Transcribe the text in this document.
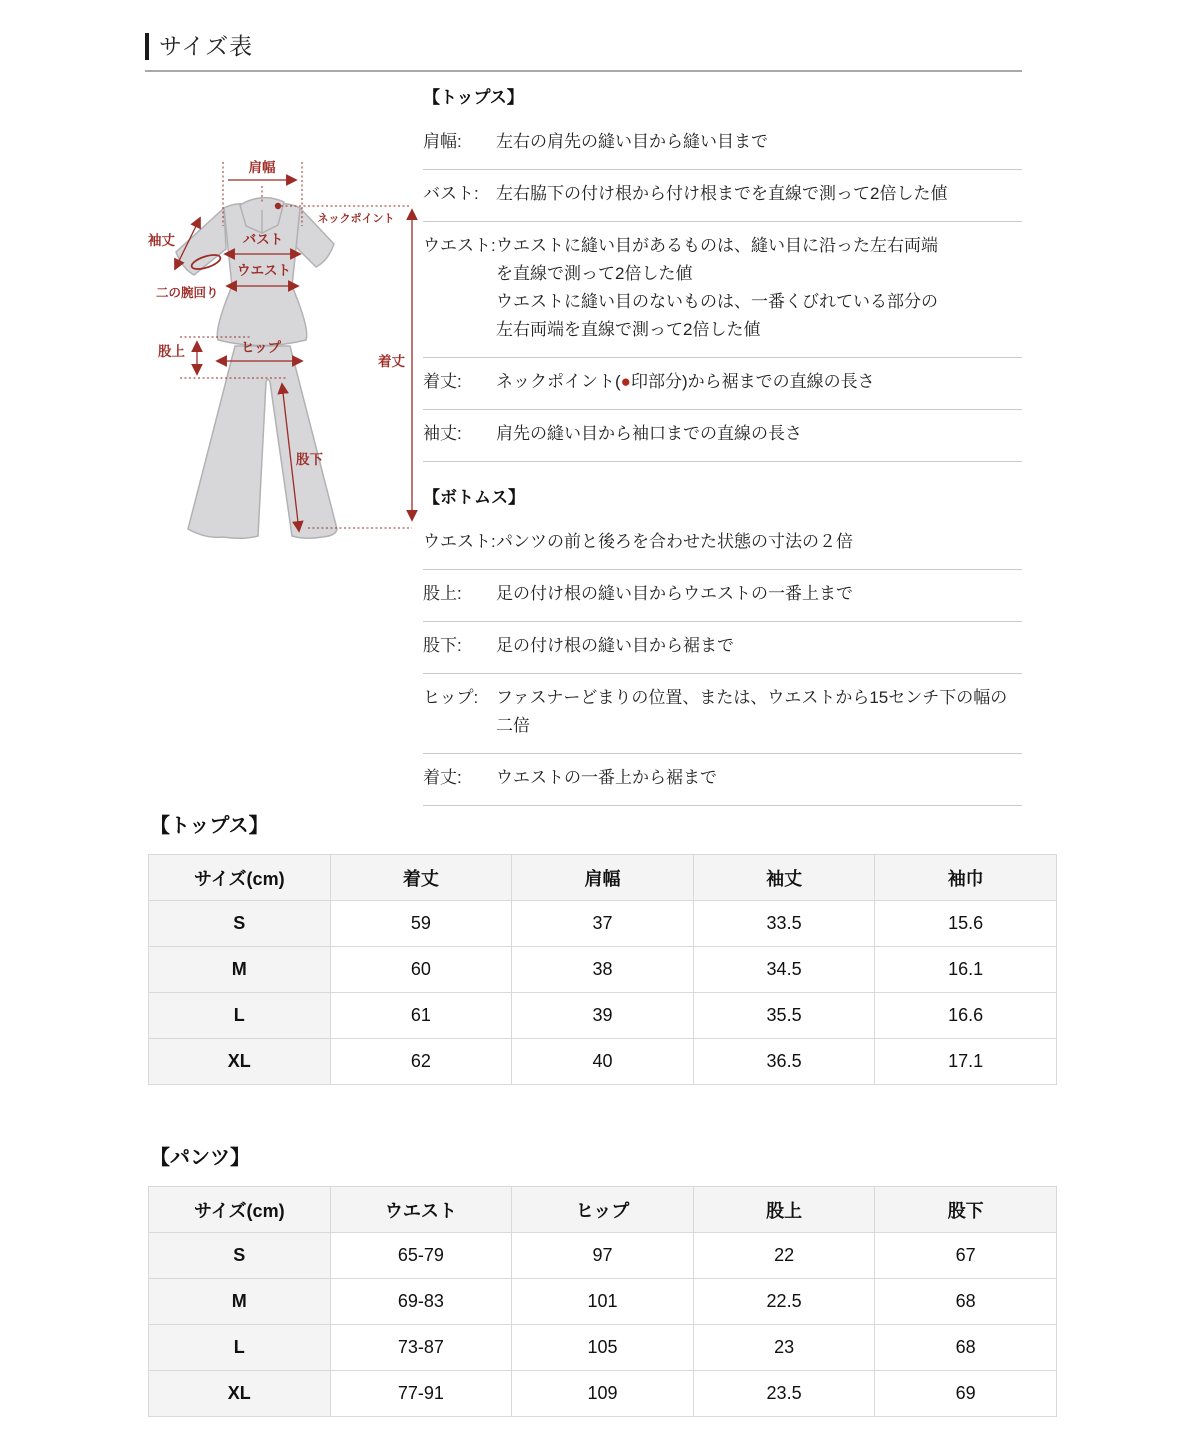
サイズ表
肩幅
ネックポイント
袖丈
二の腕回り
バスト
ウエスト
股上	ヒップ
股下
着丈
【トップス】
肩幅:	左右の肩先の縫い目から縫い目まで
バスト:	左右脇下の付け根から付け根までを直線で測って2倍した値
ウエスト: ウエストに縫い目があるものは、縫い目に沿った左右両端
を直線で測って2倍した値
ウエストに縫い目のないものは、一番くびれている部分の
左右両端を直線で測って2倍した値
着丈:	ネックポイント(●印部分)から裾までの直線の長さ
袖丈:	肩先の縫い目から袖口までの直線の長さ
【ボトムス】
ウエスト: パンツの前と後ろを合わせた状態の寸法の２倍
股上:	足の付け根の縫い目からウエストの一番上まで
股下:	足の付け根の縫い目から裾まで
ヒップ:	ファスナーどまりの位置、または、ウエストから15センチ下の幅の
二倍
着丈:	ウエストの一番上から裾まで
【トップス】
サイズ(cm)	着丈	肩幅	袖丈	袖巾
S	59	37	33.5	15.6
M	60	38	34.5	16.1
L	61	39	35.5	16.6
XL	62	40	36.5	17.1
【パンツ】
サイズ(cm)	ウエスト	ヒップ	股上	股下
S	65-79	97	22	67
M	69-83	101	22.5	68
L	73-87	105	23	68
XL	77-91	109	23.5	69
